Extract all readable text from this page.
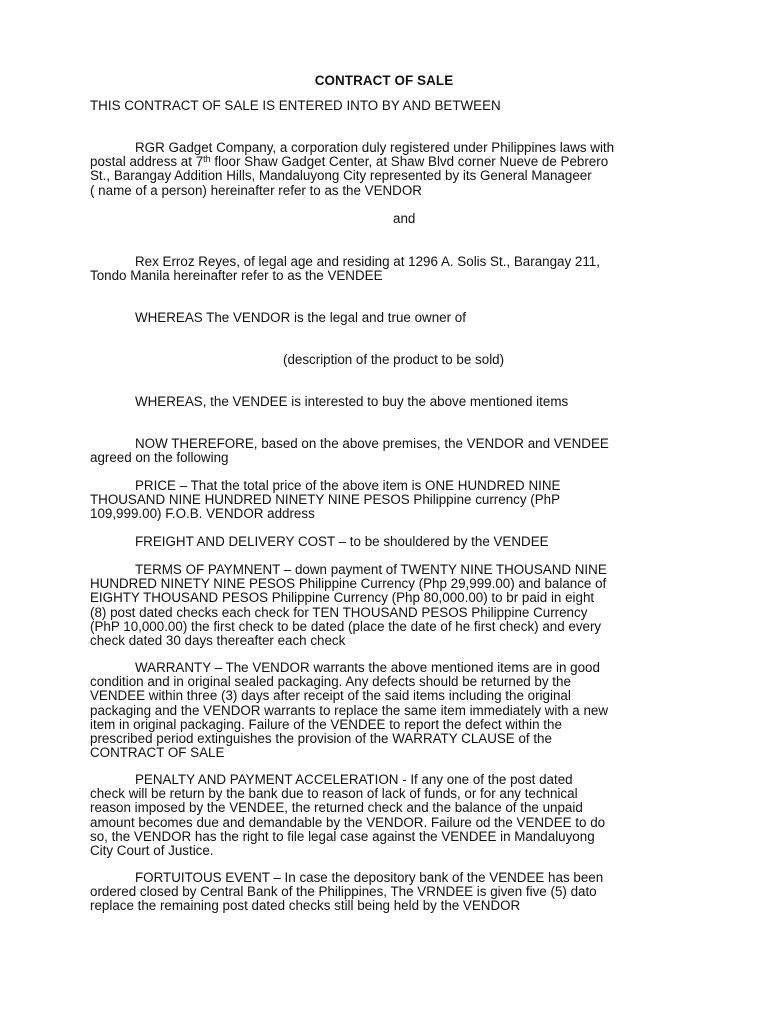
CONTRACT OF SALE
THIS CONTRACT OF SALE IS ENTERED INTO BY AND BETWEEN
RGR Gadget Company, a corporation duly registered under Philippines laws with
postal address at 7th floor Shaw Gadget Center, at Shaw Blvd corner Nueve de Pebrero
St., Barangay Addition Hills, Mandaluyong City represented by its General Manageer
( name of a person) hereinafter refer to as the VENDOR
and
Rex Erroz Reyes, of legal age and residing at 1296 A. Solis St., Barangay 211,
Tondo Manila hereinafter refer to as the VENDEE
WHEREAS The VENDOR is the legal and true owner of
(description of the product to be sold)
WHEREAS, the VENDEE is interested to buy the above mentioned items
NOW THEREFORE, based on the above premises, the VENDOR and VENDEE
agreed on the following
PRICE – That the total price of the above item is ONE HUNDRED NINE
THOUSAND NINE HUNDRED NINETY NINE PESOS Philippine currency (PhP
109,999.00) F.O.B. VENDOR address
FREIGHT AND DELIVERY COST – to be shouldered by the VENDEE
TERMS OF PAYMNENT – down payment of TWENTY NINE THOUSAND NINE
HUNDRED NINETY NINE PESOS Philippine Currency (Php 29,999.00) and balance of
EIGHTY THOUSAND PESOS Philippine Currency (Php 80,000.00) to br paid in eight
(8) post dated checks each check for TEN THOUSAND PESOS Philippine Currency
(PhP 10,000.00) the first check to be dated (place the date of he first check) and every
check dated 30 days thereafter each check
WARRANTY – The VENDOR warrants the above mentioned items are in good
condition and in original sealed packaging. Any defects should be returned by the
VENDEE within three (3) days after receipt of the said items including the original
packaging and the VENDOR warrants to replace the same item immediately with a new
item in original packaging. Failure of the VENDEE to report the defect within the
prescribed period extinguishes the provision of the WARRATY CLAUSE of the
CONTRACT OF SALE
PENALTY AND PAYMENT ACCELERATION - If any one of the post dated
check will be return by the bank due to reason of lack of funds, or for any technical
reason imposed by the VENDEE, the returned check and the balance of the unpaid
amount becomes due and demandable by the VENDOR. Failure od the VENDEE to do
so, the VENDOR has the right to file legal case against the VENDEE in Mandaluyong
City Court of Justice.
FORTUITOUS EVENT – In case the depository bank of the VENDEE has been
ordered closed by Central Bank of the Philippines, The VRNDEE is given five (5) dato
replace the remaining post dated checks still being held by the VENDOR
